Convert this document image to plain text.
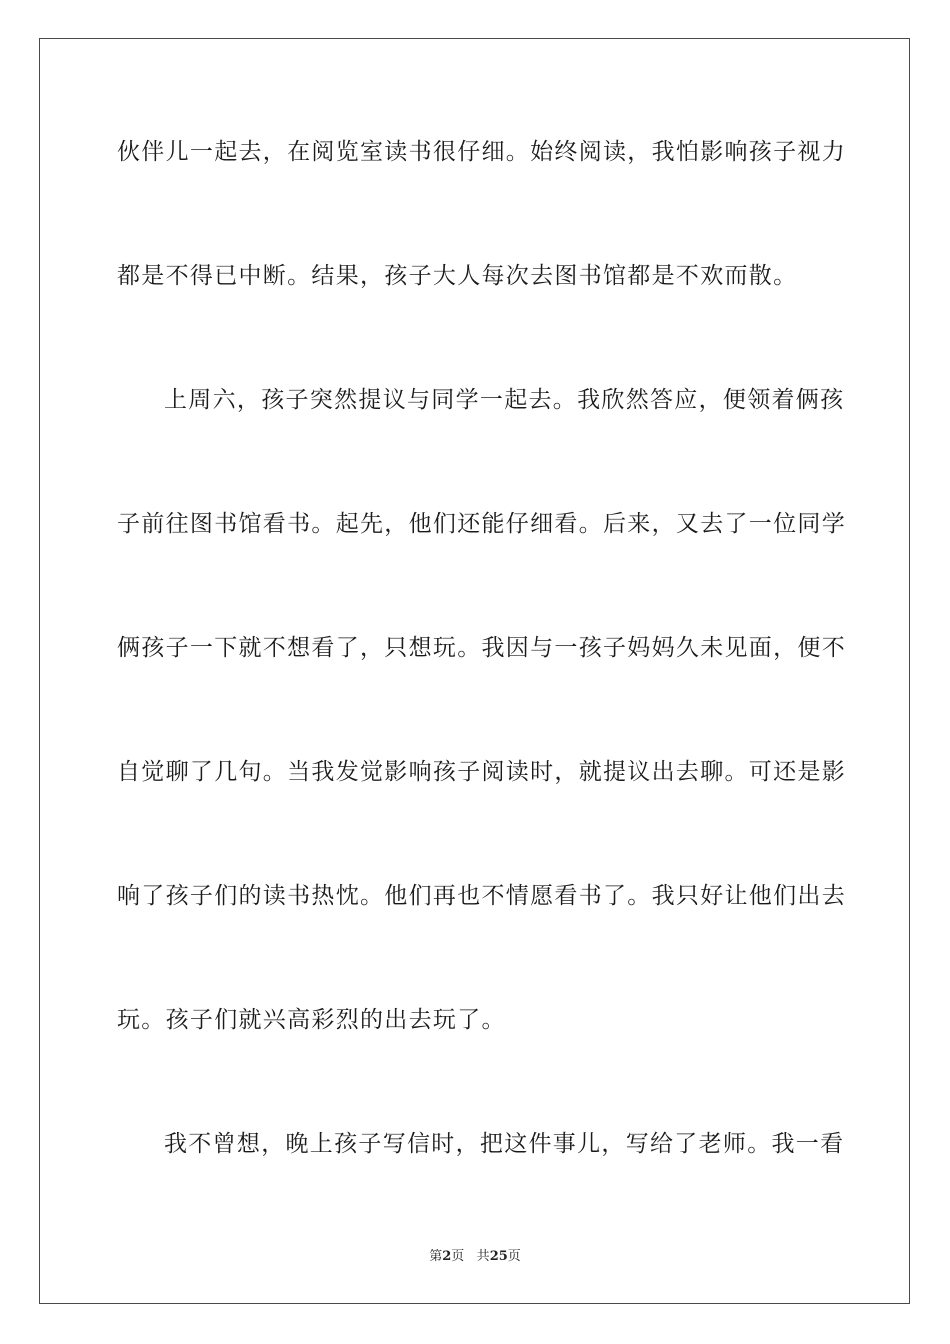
伙伴儿一起去，在阅览室读书很仔细。始终阅读，我怕影响孩子视力
都是不得已中断。结果，孩子大人每次去图书馆都是不欢而散。
上周六，孩子突然提议与同学一起去。我欣然答应，便领着俩孩
子前往图书馆看书。起先，他们还能仔细看。后来，又去了一位同学
俩孩子一下就不想看了，只想玩。我因与一孩子妈妈久未见面，便不
自觉聊了几句。当我发觉影响孩子阅读时，就提议出去聊。可还是影
响了孩子们的读书热忱。他们再也不情愿看书了。我只好让他们出去
玩。孩子们就兴高彩烈的出去玩了。
我不曾想，晚上孩子写信时，把这件事儿，写给了老师。我一看
第2页 共25页
